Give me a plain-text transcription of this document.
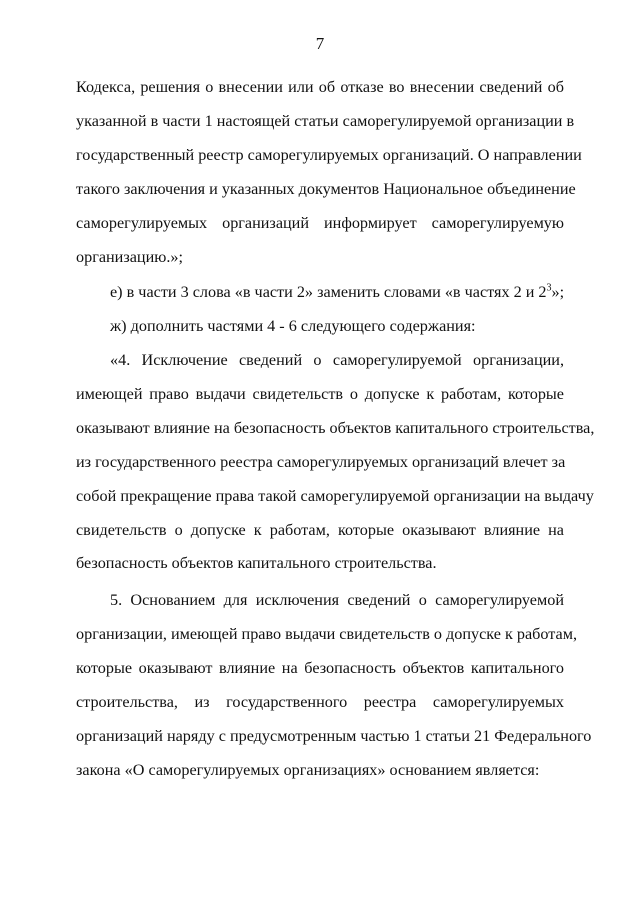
7
Кодекса, решения о внесении или об отказе во внесении сведений об
указанной в части 1 настоящей статьи саморегулируемой организации в
государственный реестр саморегулируемых организаций. О направлении
такого заключения и указанных документов Национальное объединение
саморегулируемых организаций информирует саморегулируемую
организацию.»;
е) в части 3 слова «в части 2» заменить словами «в частях 2 и $2^3$»;
ж) дополнить частями 4 - 6 следующего содержания:
«4. Исключение сведений о саморегулируемой организации,
имеющей право выдачи свидетельств о допуске к работам, которые
оказывают влияние на безопасность объектов капитального строительства,
из государственного реестра саморегулируемых организаций влечет за
собой прекращение права такой саморегулируемой организации на выдачу
свидетельств о допуске к работам, которые оказывают влияние на
безопасность объектов капитального строительства.
5. Основанием для исключения сведений о саморегулируемой
организации, имеющей право выдачи свидетельств о допуске к работам,
которые оказывают влияние на безопасность объектов капитального
строительства, из государственного реестра саморегулируемых
организаций наряду с предусмотренным частью 1 статьи 21 Федерального
закона «О саморегулируемых организациях» основанием является:
